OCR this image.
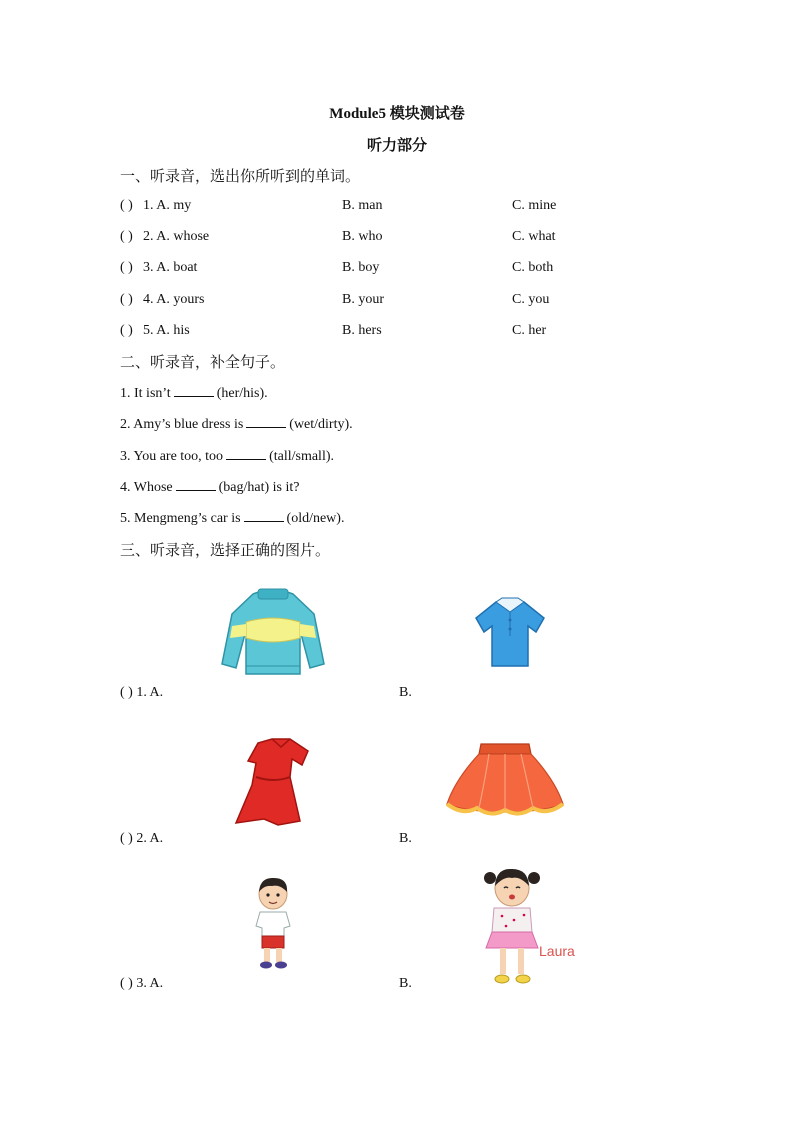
Module5 模块测试卷
听力部分
一、听录音，选出你所听到的单词。
( ) 1. A. my	B. man	C. mine
( ) 2. A. whose	B. who	C. what
( ) 3. A. boat	B. boy	C. both
( ) 4. A. yours	B. your	C. you
( ) 5. A. his	B. hers	C. her
二、听录音，补全句子。
1. It isn’t	(her/his).
2. Amy’s blue dress is	(wet/dirty).
3. You are too, too	(tall/small).
4. Whose	(bag/hat) is it?
5. Mengmeng’s car is	(old/new).
三、听录音，选择正确的图片。
( ) 1. A.	B.
( ) 2. A.	B.
Laura
( ) 3. A.	B.
